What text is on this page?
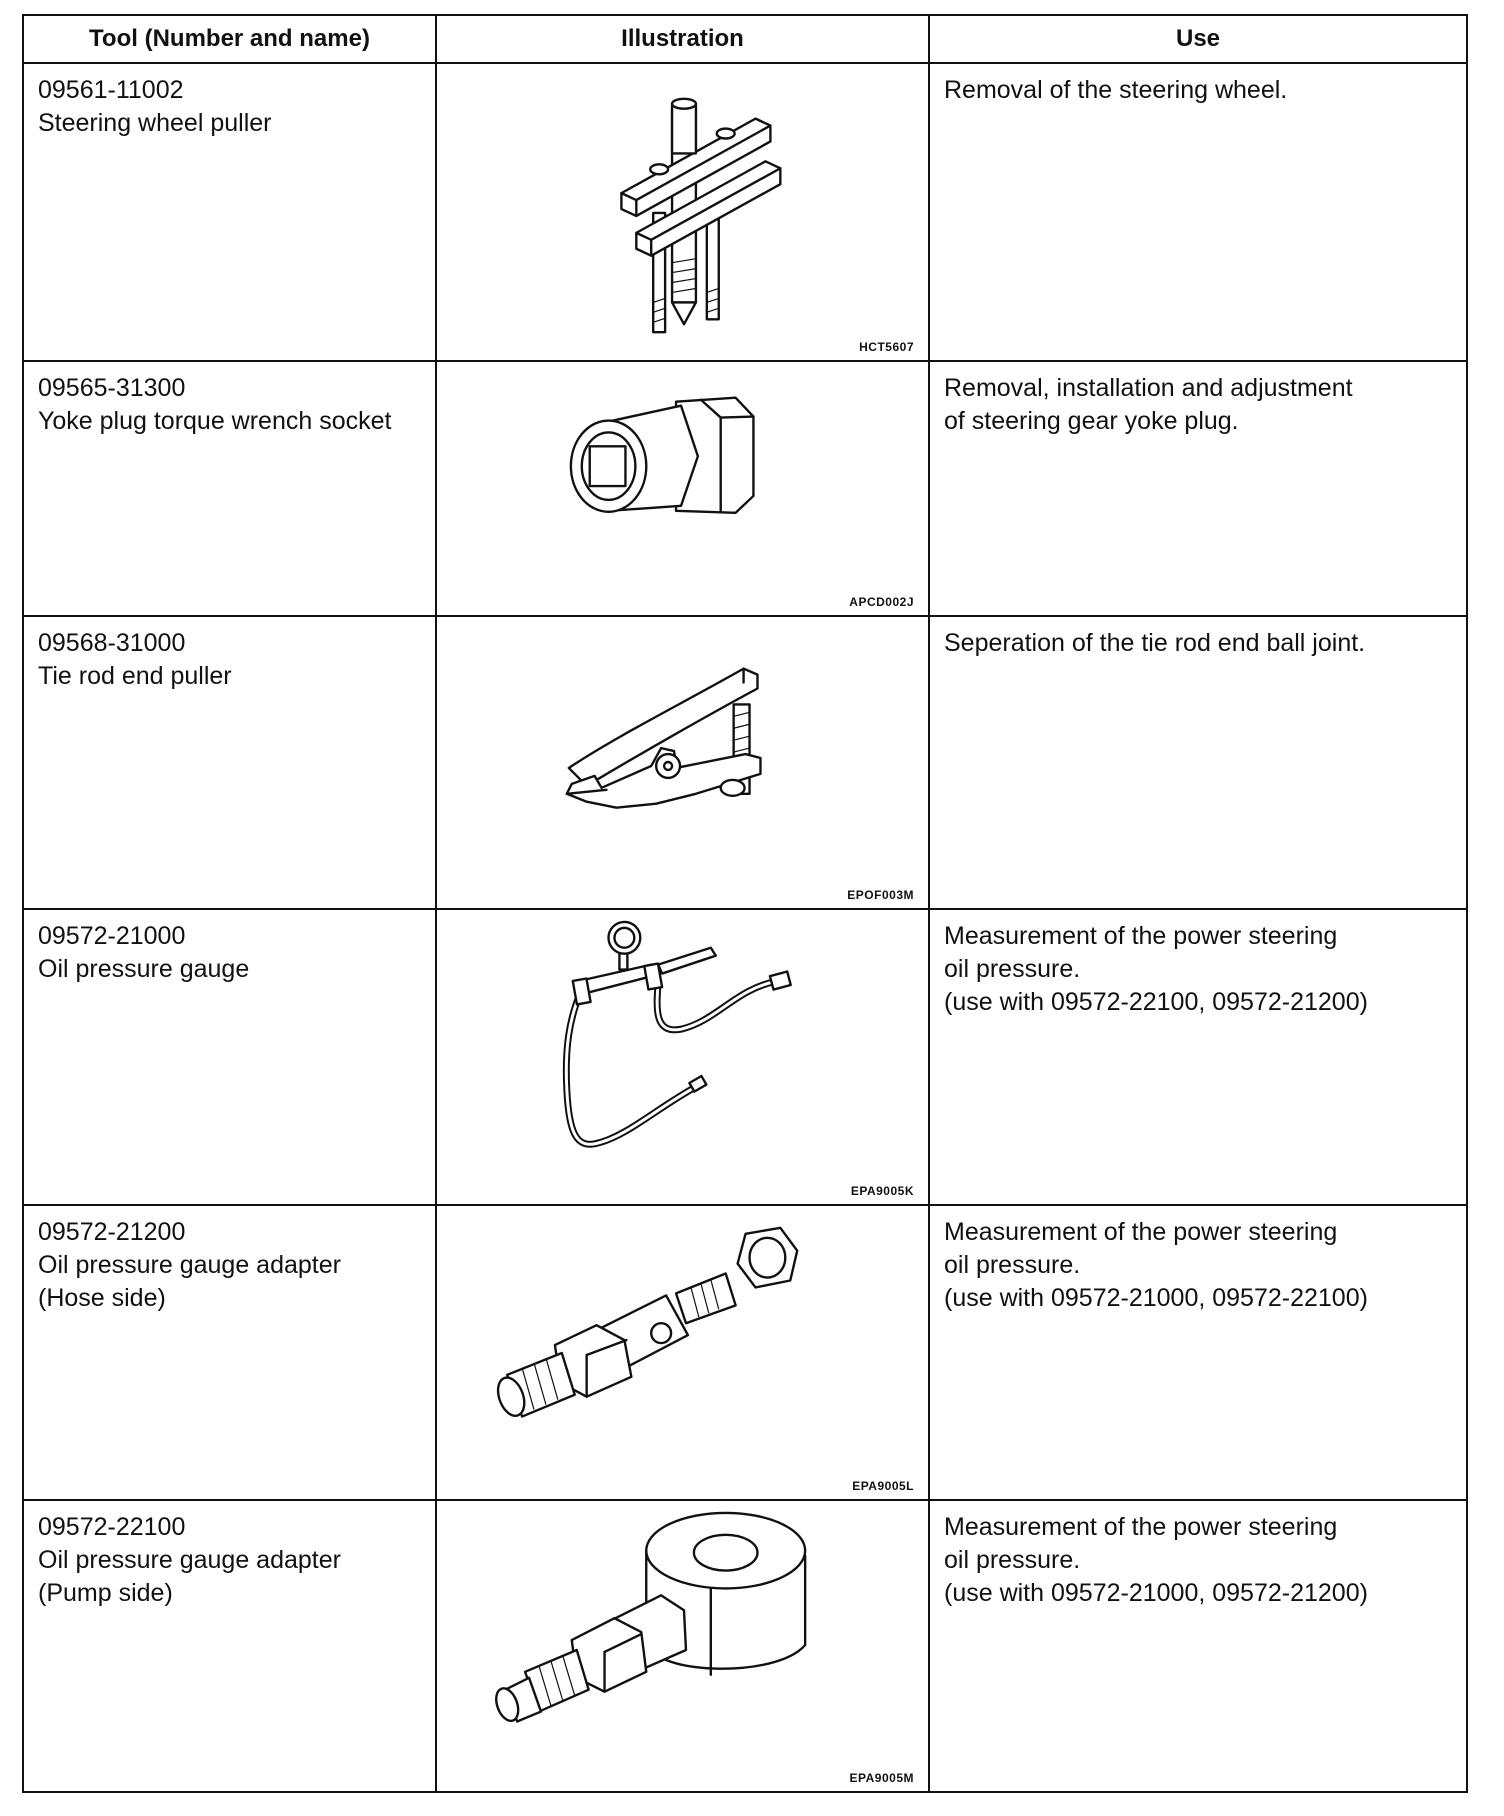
Tool (Number and name)	Illustration	Use

09561-11002
Steering wheel puller	HCT5607	Removal of the steering wheel.

09565-31300
Yoke plug torque wrench socket	APCD002J	Removal, installation and adjustment
of steering gear yoke plug.

09568-31000
Tie rod end puller	EPOF003M	Seperation of the tie rod end ball joint.

09572-21000
Oil pressure gauge	EPA9005K	Measurement of the power steering
oil pressure.
(use with 09572-22100, 09572-21200)

09572-21200
Oil pressure gauge adapter
(Hose side)	EPA9005L	Measurement of the power steering
oil pressure.
(use with 09572-21000, 09572-22100)

09572-22100
Oil pressure gauge adapter
(Pump side)	EPA9005M	Measurement of the power steering
oil pressure.
(use with 09572-21000, 09572-21200)
